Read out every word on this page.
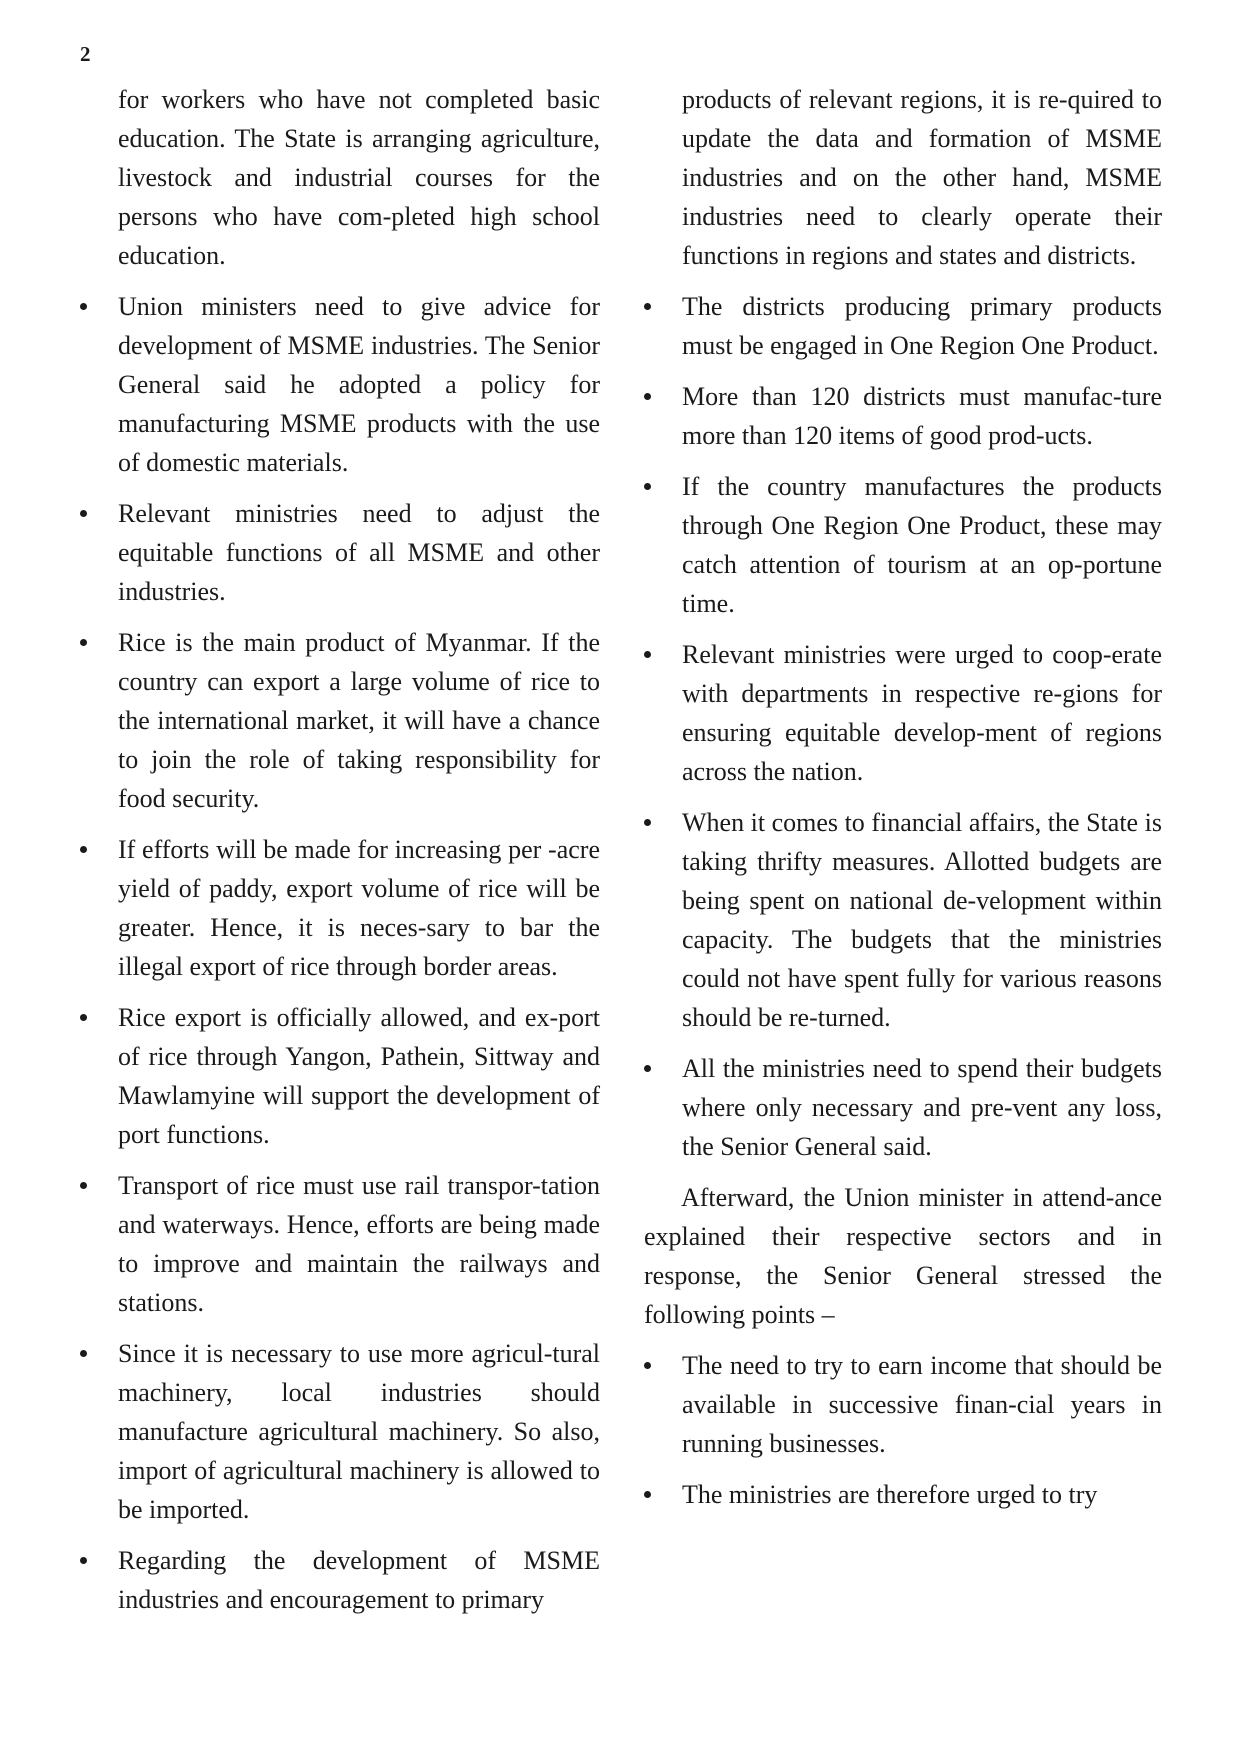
2

for workers who have not completed basic education. The State is arranging agriculture, livestock and industrial courses for the persons who have com-pleted high school education.

Union ministers need to give advice for development of MSME industries. The Senior General said he adopted a policy for manufacturing MSME products with the use of domestic materials.
Relevant ministries need to adjust the equitable functions of all MSME and other industries.
Rice is the main product of Myanmar. If the country can export a large volume of rice to the international market, it will have a chance to join the role of taking responsibility for food security.
If efforts will be made for increasing per -acre yield of paddy, export volume of rice will be greater. Hence, it is neces-sary to bar the illegal export of rice through border areas.
Rice export is officially allowed, and ex-port of rice through Yangon, Pathein, Sittway and Mawlamyine will support the development of port functions.
Transport of rice must use rail transpor-tation and waterways. Hence, efforts are being made to improve and maintain the railways and stations.
Since it is necessary to use more agricul-tural machinery, local industries should manufacture agricultural machinery. So also, import of agricultural machinery is allowed to be imported.
Regarding the development of MSME industries and encouragement to primary

products of relevant regions, it is re-quired to update the data and formation of MSME industries and on the other hand, MSME industries need to clearly operate their functions in regions and states and districts.

The districts producing primary products must be engaged in One Region One Product.
More than 120 districts must manufac-ture more than 120 items of good prod-ucts.
If the country manufactures the products through One Region One Product, these may catch attention of tourism at an op-portune time.
Relevant ministries were urged to coop-erate with departments in respective re-gions for ensuring equitable develop-ment of regions across the nation.
When it comes to financial affairs, the State is taking thrifty measures. Allotted budgets are being spent on national de-velopment within capacity. The budgets that the ministries could not have spent fully for various reasons should be re-turned.
All the ministries need to spend their budgets where only necessary and pre-vent any loss, the Senior General said.

Afterward, the Union minister in attend-ance explained their respective sectors and in response, the Senior General stressed the following points –

The need to try to earn income that should be available in successive finan-cial years in running businesses.
The ministries are therefore urged to try
